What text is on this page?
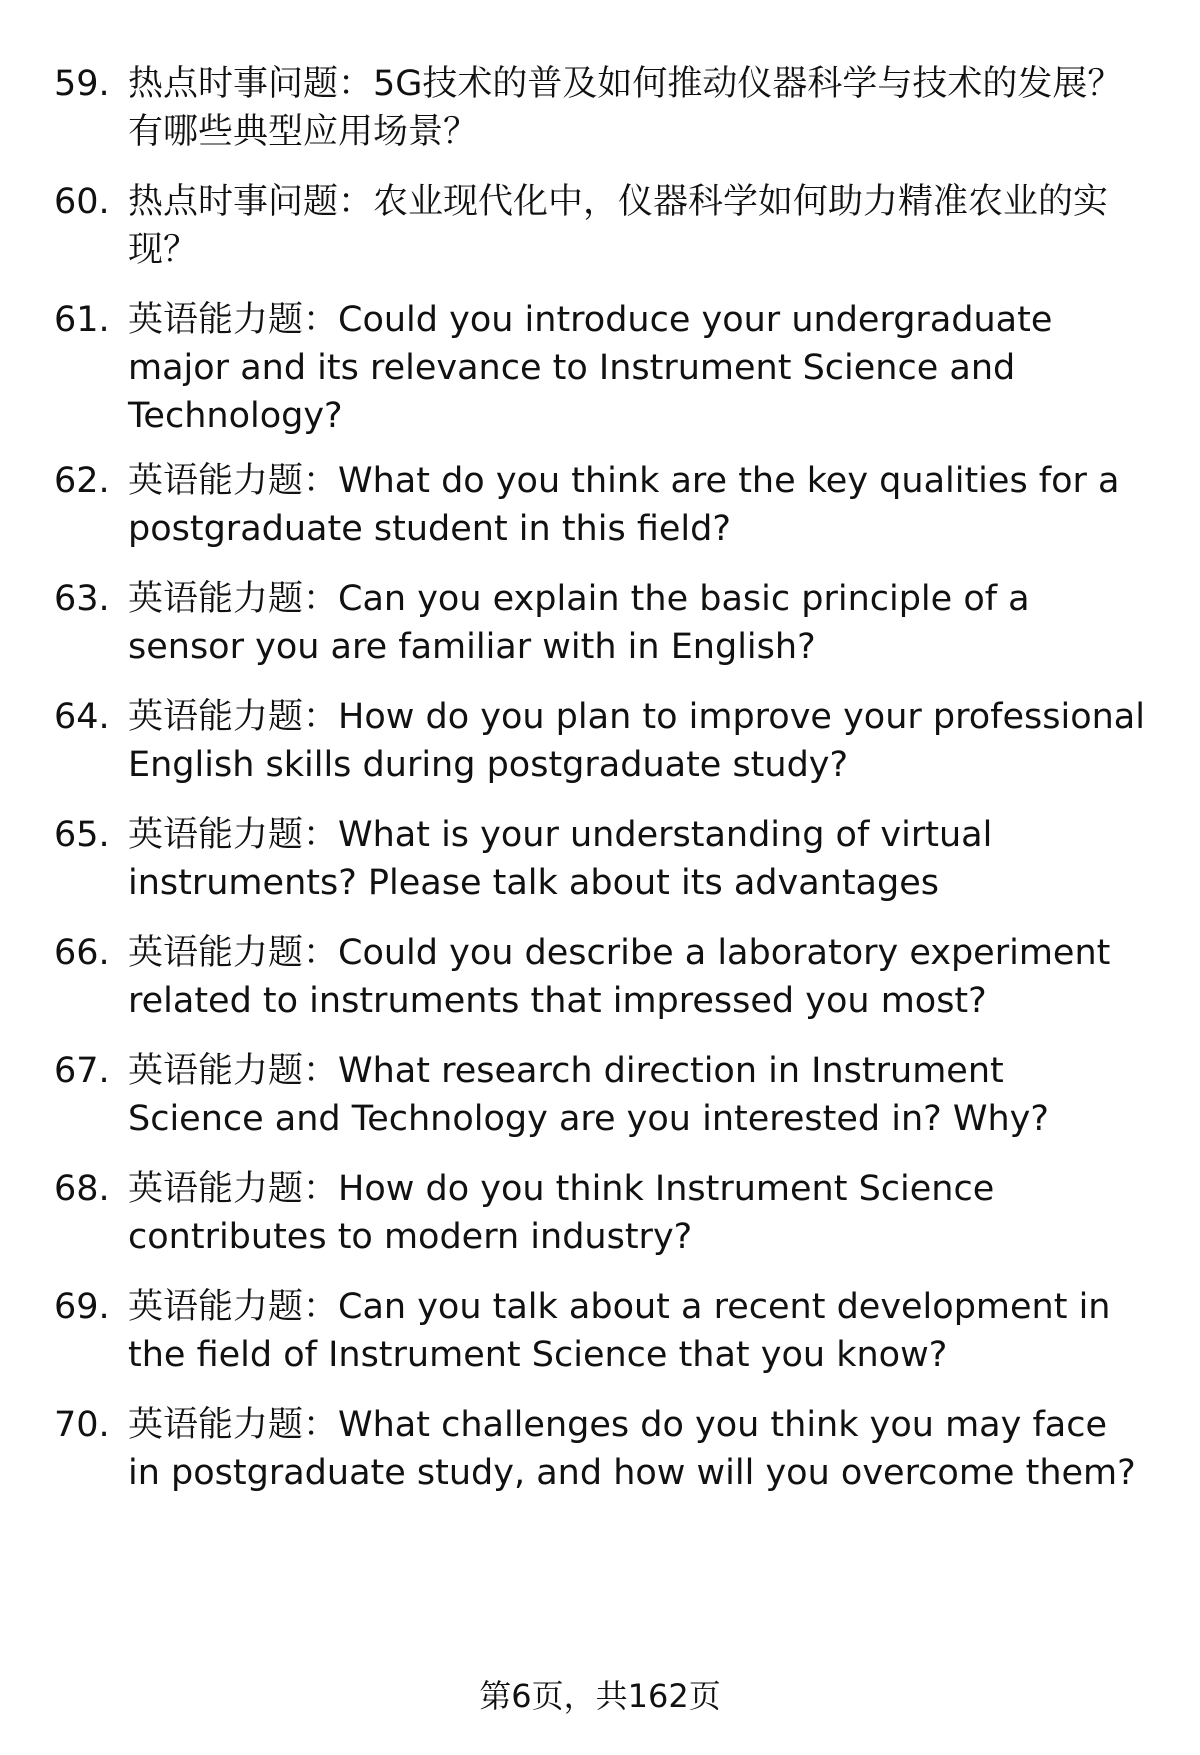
59. 热点时事问题：5G技术的普及如何推动仪器科学与技术的发展？有哪些典型应用场景？
60. 热点时事问题：农业现代化中，仪器科学如何助力精准农业的实现？
61. 英语能力题：Could you introduce your undergraduate major and its relevance to Instrument Science and Technology?
62. 英语能力题：What do you think are the key qualities for a postgraduate student in this field?
63. 英语能力题：Can you explain the basic principle of a sensor you are familiar with in English?
64. 英语能力题：How do you plan to improve your professional English skills during postgraduate study?
65. 英语能力题：What is your understanding of virtual instruments? Please talk about its advantages
66. 英语能力题：Could you describe a laboratory experiment related to instruments that impressed you most?
67. 英语能力题：What research direction in Instrument Science and Technology are you interested in? Why?
68. 英语能力题：How do you think Instrument Science contributes to modern industry?
69. 英语能力题：Can you talk about a recent development in the field of Instrument Science that you know?
70. 英语能力题：What challenges do you think you may face in postgraduate study, and how will you overcome them?
第6页，共162页
